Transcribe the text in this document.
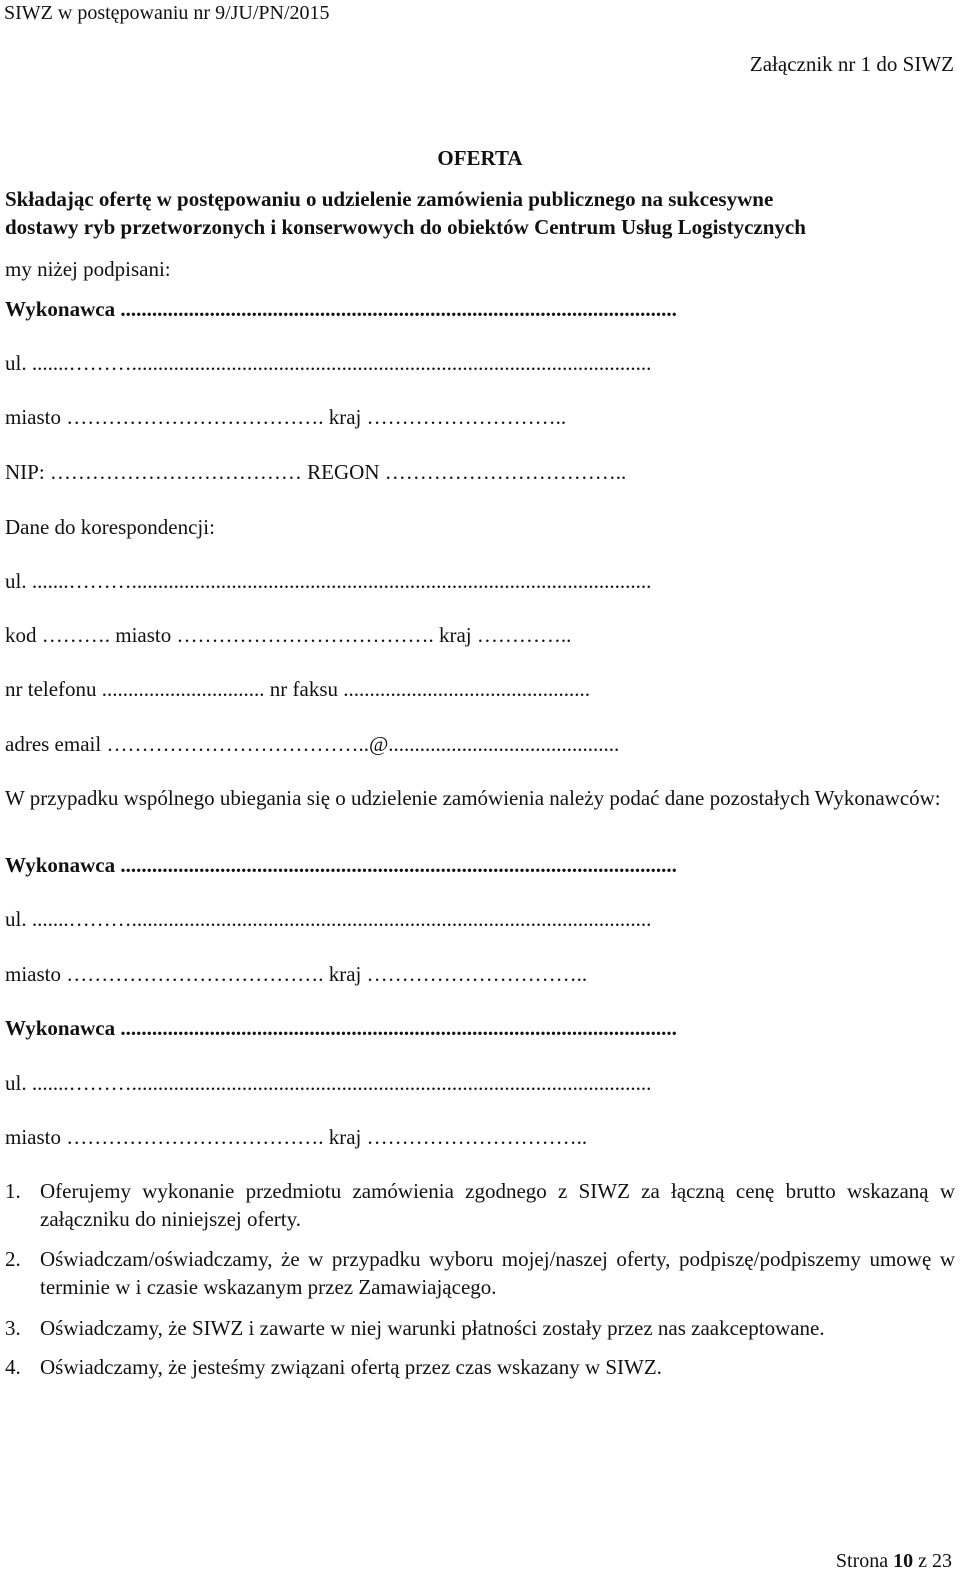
SIWZ w postępowaniu nr 9/JU/PN/2015
Załącznik nr 1 do SIWZ
OFERTA
Składając ofertę w postępowaniu o udzielenie zamówienia publicznego na sukcesywne
dostawy ryb przetworzonych i konserwowych do obiektów Centrum Usług Logistycznych
my niżej podpisani:
Wykonawca ..........................................................................................................
ul. .......………...................................................................................................
miasto ………………………………. kraj ………………………..
NIP: ……………………………… REGON ……………………………..
Dane do korespondencji:
ul. .......………...................................................................................................
kod ………. miasto ………………………………. kraj …………..
nr telefonu ............................... nr faksu ...............................................
adres email ………………………………..@............................................
W przypadku wspólnego ubiegania się o udzielenie zamówienia należy podać dane pozostałych Wykonawców:
Wykonawca ..........................................................................................................
ul. .......………...................................................................................................
miasto ………………………………. kraj …………………………..
Wykonawca ..........................................................................................................
ul. .......………...................................................................................................
miasto ………………………………. kraj …………………………..
1. Oferujemy wykonanie przedmiotu zamówienia zgodnego z SIWZ za łączną cenę brutto wskazaną w załączniku do niniejszej oferty.
2. Oświadczam/oświadczamy, że w przypadku wyboru mojej/naszej oferty, podpiszę/podpiszemy umowę w terminie w i czasie wskazanym przez Zamawiającego.
3. Oświadczamy, że SIWZ i zawarte w niej warunki płatności zostały przez nas zaakceptowane.
4. Oświadczamy, że jesteśmy związani ofertą przez czas wskazany w SIWZ.
Strona 10 z 23
